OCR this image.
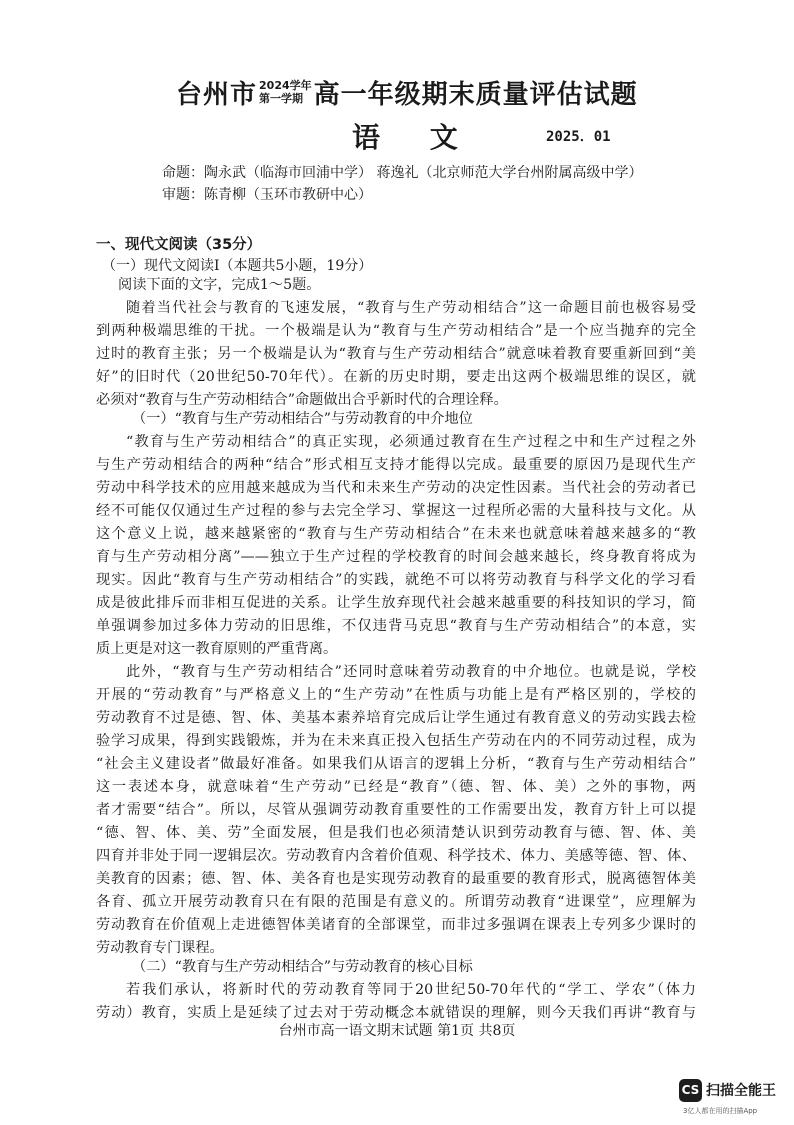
台州市 2024学年
第一学期 高一年级期末质量评估试题
语 文	2025．01
命题：陶永武（临海市回浦中学） 蒋逸礼（北京师范大学台州附属高级中学）
审题：陈青柳（玉环市教研中心）
一、现代文阅读（35分）
（一）现代文阅读Ⅰ（本题共5小题，19分）
阅读下面的文字，完成1～5题。
随着当代社会与教育的飞速发展，“教育与生产劳动相结合”这一命题目前也极容易受
到两种极端思维的干扰。一个极端是认为“教育与生产劳动相结合”是一个应当抛弃的完全
过时的教育主张；另一个极端是认为“教育与生产劳动相结合”就意味着教育要重新回到“美
好”的旧时代（20世纪50-70年代）。在新的历史时期，要走出这两个极端思维的误区，就
必须对“教育与生产劳动相结合”命题做出合乎新时代的合理诠释。
（一）“教育与生产劳动相结合”与劳动教育的中介地位
“教育与生产劳动相结合”的真正实现，必须通过教育在生产过程之中和生产过程之外
与生产劳动相结合的两种“结合”形式相互支持才能得以完成。最重要的原因乃是现代生产
劳动中科学技术的应用越来越成为当代和未来生产劳动的决定性因素。当代社会的劳动者已
经不可能仅仅通过生产过程的参与去完全学习、掌握这一过程所必需的大量科技与文化。从
这个意义上说，越来越紧密的“教育与生产劳动相结合”在未来也就意味着越来越多的“教
育与生产劳动相分离”——独立于生产过程的学校教育的时间会越来越长，终身教育将成为
现实。因此“教育与生产劳动相结合”的实践，就绝不可以将劳动教育与科学文化的学习看
成是彼此排斥而非相互促进的关系。让学生放弃现代社会越来越重要的科技知识的学习，简
单强调参加过多体力劳动的旧思维，不仅违背马克思“教育与生产劳动相结合”的本意，实
质上更是对这一教育原则的严重背离。
此外，“教育与生产劳动相结合”还同时意味着劳动教育的中介地位。也就是说，学校
开展的“劳动教育”与严格意义上的“生产劳动”在性质与功能上是有严格区别的，学校的
劳动教育不过是德、智、体、美基本素养培育完成后让学生通过有教育意义的劳动实践去检
验学习成果，得到实践锻炼，并为在未来真正投入包括生产劳动在内的不同劳动过程，成为
“社会主义建设者”做最好准备。如果我们从语言的逻辑上分析，“教育与生产劳动相结合”
这一表述本身，就意味着“生产劳动”已经是“教育”（德、智、体、美）之外的事物，两
者才需要“结合”。所以，尽管从强调劳动教育重要性的工作需要出发，教育方针上可以提
“德、智、体、美、劳”全面发展，但是我们也必须清楚认识到劳动教育与德、智、体、美
四育并非处于同一逻辑层次。劳动教育内含着价值观、科学技术、体力、美感等德、智、体、
美教育的因素；德、智、体、美各育也是实现劳动教育的最重要的教育形式，脱离德智体美
各育、孤立开展劳动教育只在有限的范围是有意义的。所谓劳动教育“进课堂”，应理解为
劳动教育在价值观上走进德智体美诸育的全部课堂，而非过多强调在课表上专列多少课时的
劳动教育专门课程。
（二）“教育与生产劳动相结合”与劳动教育的核心目标
若我们承认，将新时代的劳动教育等同于20世纪50-70年代的“学工、学农”（体力
劳动）教育，实质上是延续了过去对于劳动概念本就错误的理解，则今天我们再讲“教育与
台州市高一语文期末试题 第1页 共8页
CS 扫描全能王
3亿人都在用的扫描App
